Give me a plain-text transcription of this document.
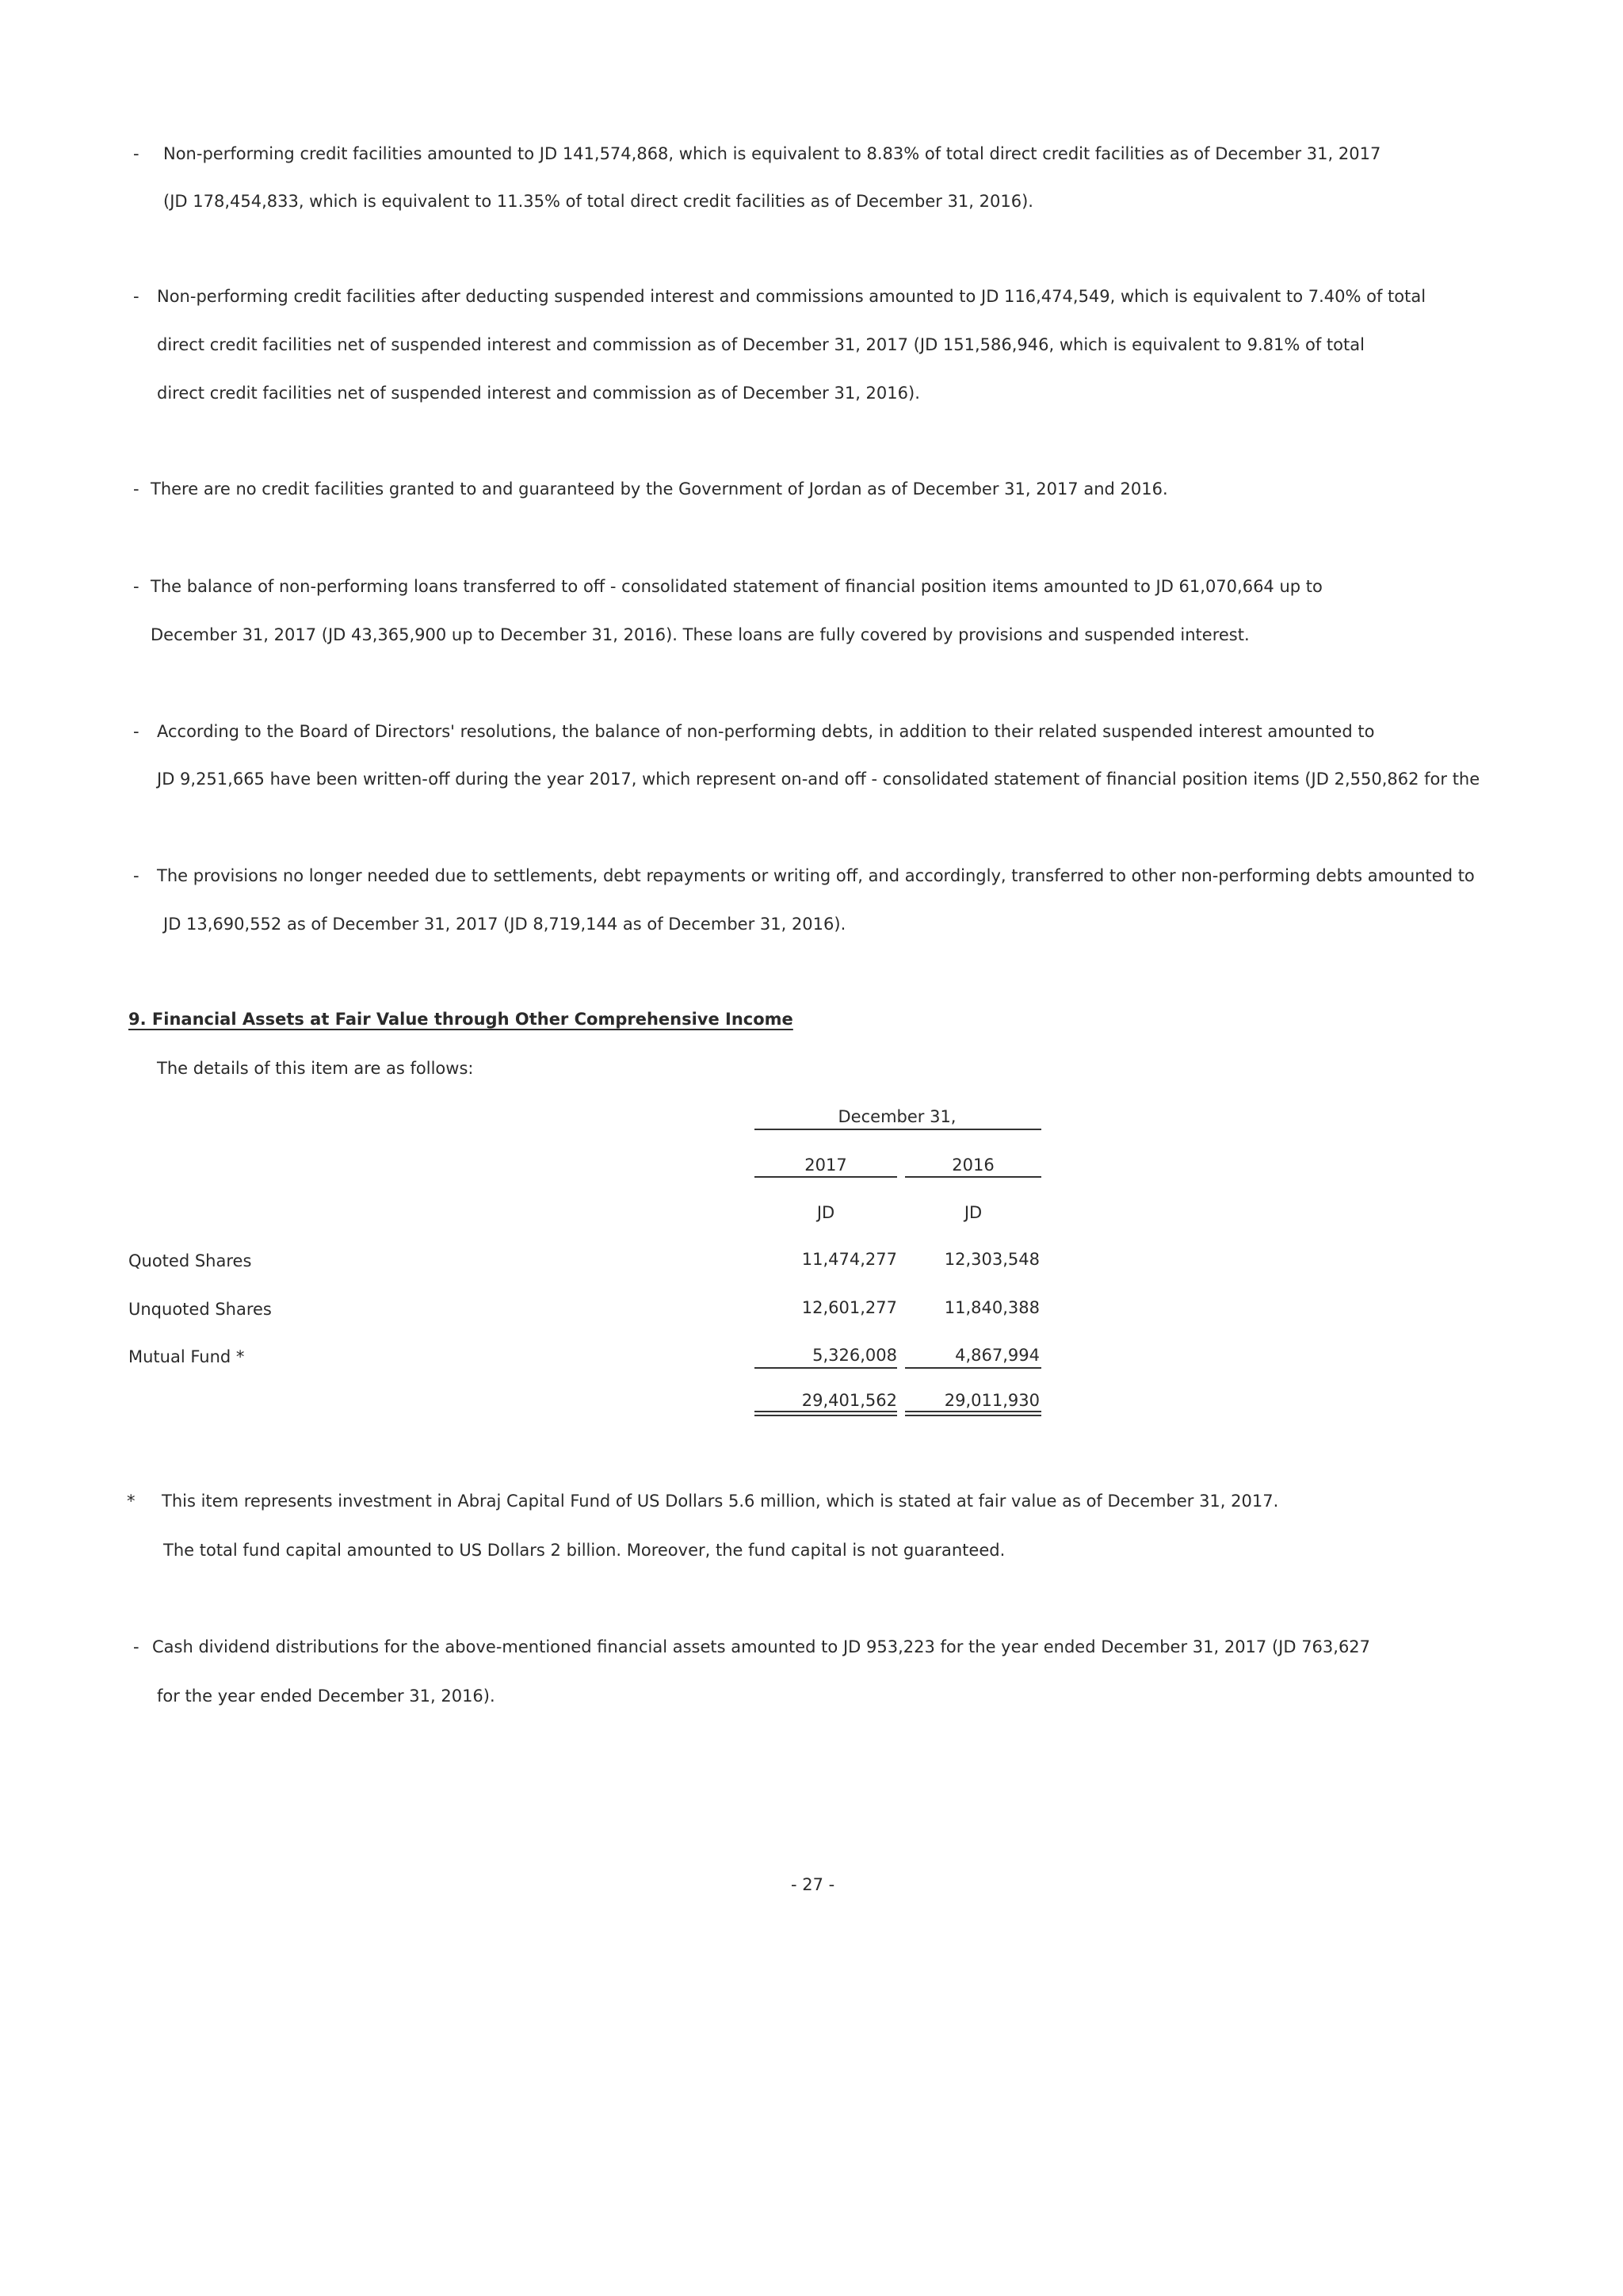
- Non-performing credit facilities amounted to JD 141,574,868, which is equivalent to 8.83% of total direct credit facilities as of December 31, 2017
(JD 178,454,833, which is equivalent to 11.35% of total direct credit facilities as of December 31, 2016).
- Non-performing credit facilities after deducting suspended interest and commissions amounted to JD 116,474,549, which is equivalent to 7.40% of total
direct credit facilities net of suspended interest and commission as of December 31, 2017 (JD 151,586,946, which is equivalent to 9.81% of total
direct credit facilities net of suspended interest and commission as of December 31, 2016).
- There are no credit facilities granted to and guaranteed by the Government of Jordan as of December 31, 2017 and 2016.
- The balance of non-performing loans transferred to off - consolidated statement of financial position items amounted to JD 61,070,664 up to
December 31, 2017 (JD 43,365,900 up to December 31, 2016). These loans are fully covered by provisions and suspended interest.
- According to the Board of Directors' resolutions, the balance of non-performing debts, in addition to their related suspended interest amounted to
JD 9,251,665 have been written-off during the year 2017, which represent on-and off - consolidated statement of financial position items (JD 2,550,862 for the
- The provisions no longer needed due to settlements, debt repayments or writing off, and accordingly, transferred to other non-performing debts amounted to
JD 13,690,552 as of December 31, 2017 (JD 8,719,144 as of December 31, 2016).
9. Financial Assets at Fair Value through Other Comprehensive Income
The details of this item are as follows:
December 31,
2017	2016
JD	JD
Quoted Shares	11,474,277	12,303,548
Unquoted Shares	12,601,277	11,840,388
Mutual Fund *	5,326,008	4,867,994
29,401,562	29,011,930
* This item represents investment in Abraj Capital Fund of US Dollars 5.6 million, which is stated at fair value as of December 31, 2017.
The total fund capital amounted to US Dollars 2 billion. Moreover, the fund capital is not guaranteed.
- Cash dividend distributions for the above-mentioned financial assets amounted to JD 953,223 for the year ended December 31, 2017 (JD 763,627
for the year ended December 31, 2016).
- 27 -
